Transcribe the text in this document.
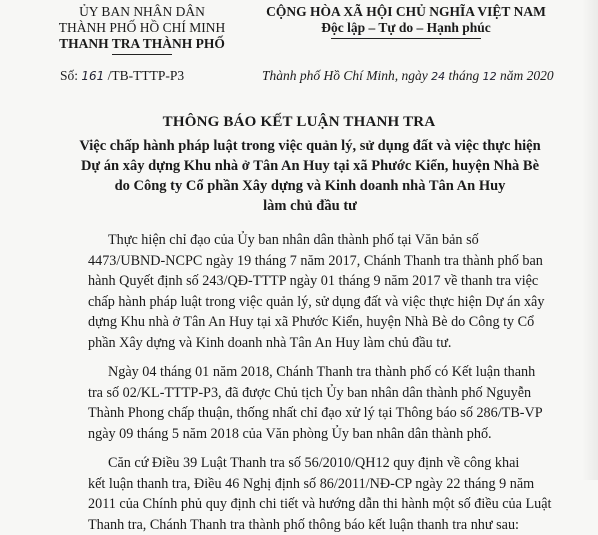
ỦY BAN NHÂN DÂN
THÀNH PHỐ HỒ CHÍ MINH
THANH TRA THÀNH PHỐ
CỘNG HÒA XÃ HỘI CHỦ NGHĨA VIỆT NAM
Độc lập – Tự do – Hạnh phúc
Số: 161 /TB-TTTP-P3	Thành phố Hồ Chí Minh, ngày 24 tháng 12 năm 2020
THÔNG BÁO KẾT LUẬN THANH TRA
Việc chấp hành pháp luật trong việc quản lý, sử dụng đất và việc thực hiện
Dự án xây dựng Khu nhà ở Tân An Huy tại xã Phước Kiển, huyện Nhà Bè
do Công ty Cổ phần Xây dựng và Kinh doanh nhà Tân An Huy
làm chủ đầu tư
Thực hiện chỉ đạo của Ủy ban nhân dân thành phố tại Văn bản số
4473/UBND-NCPC ngày 19 tháng 7 năm 2017, Chánh Thanh tra thành phố ban
hành Quyết định số 243/QĐ-TTTP ngày 01 tháng 9 năm 2017 về thanh tra việc
chấp hành pháp luật trong việc quản lý, sử dụng đất và việc thực hiện Dự án xây
dựng Khu nhà ở Tân An Huy tại xã Phước Kiển, huyện Nhà Bè do Công ty Cổ
phần Xây dựng và Kinh doanh nhà Tân An Huy làm chủ đầu tư.
Ngày 04 tháng 01 năm 2018, Chánh Thanh tra thành phố có Kết luận thanh
tra số 02/KL-TTTP-P3, đã được Chủ tịch Ủy ban nhân dân thành phố Nguyễn
Thành Phong chấp thuận, thống nhất chỉ đạo xử lý tại Thông báo số 286/TB-VP
ngày 09 tháng 5 năm 2018 của Văn phòng Ủy ban nhân dân thành phố.
Căn cứ Điều 39 Luật Thanh tra số 56/2010/QH12 quy định về công khai
kết luận thanh tra, Điều 46 Nghị định số 86/2011/NĐ-CP ngày 22 tháng 9 năm
2011 của Chính phủ quy định chi tiết và hướng dẫn thi hành một số điều của Luật
Thanh tra, Chánh Thanh tra thành phố thông báo kết luận thanh tra như sau:
